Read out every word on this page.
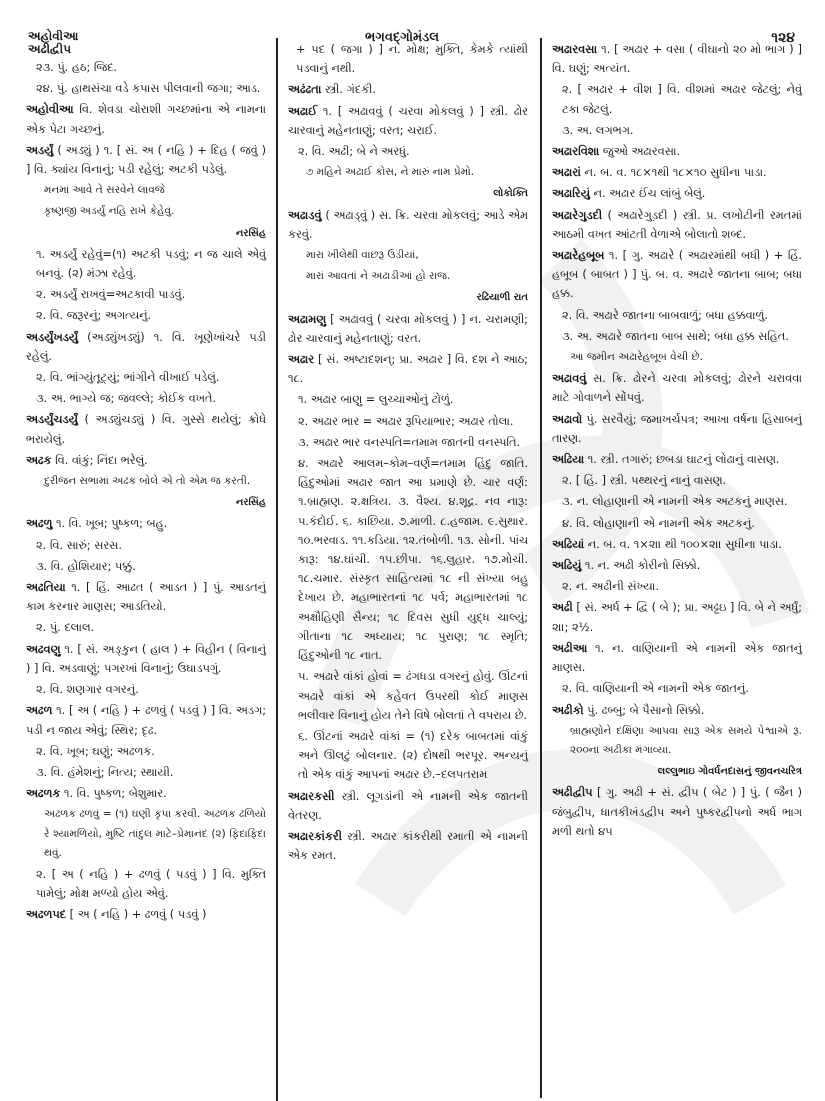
અહોવીઆ
અઢીદ્વીપ
ભગવદ્ગોમંડલ	૧૨૪
૨૩. પું. હઠ; જિદ.
૨૪. પું. હાથસંચા વડે કપાસ પીલવાની જગા; આડ.
અહોવીઆ વિ. શેવડા ચોરાશી ગચ્છમાંના એ નામના એક પેટા ગચ્છનું.
અડર્યું ( અડ્યું ) ૧. [ સં. અ ( નહિ ) + દિહ ( જવું ) ] વિ. ક્યાંય વિનાનું; પડી રહેલું; અટકી પડેલું.
મનમાં આવે તે સરવેને લાવજે
કૃષ્ણજી અડર્યું નહિ રાખે કેહેવું.
નરસિંહ
૧. અડર્યું રહેવું=(૧) અટકી પડવું; ન જ ચાલે એવું બનવું. (૨) મંઝા રહેવું.
૨. અડર્યું રાખવું=અટકાવી પાડવું.
૨. વિ. જરૂરનું; અગત્યનું.
અડર્યુંખડર્યું (અડ્યુંખડ્યું) ૧. વિ. ખૂણેખાંચરે પડી રહેલું.
૨. વિ. ભાંગ્યુંતૂટ્યું; ભાંગીને વીખાઈ પડેલું.
૩. અ. ભાગ્યે જ; જવલ્લે; કોઈક વખતે.
અડર્યુંચડર્યું ( અડ્યુંચડ્યું ) વિ. ગુસ્સે થયેલું; ક્રોધે ભરાયેલું.
અઢક વિ. વાંકું; નિંદા ભરેલું.
દુરીજન સભામાં અઢક બોલે એ તો એમ જ કરતી.
નરસિંહ
અઢળુ ૧. વિ. ખૂબ; પુષ્કળ; બહુ.
૨. વિ. સારું; સરસ.
૩. વિ. હોશિયાર; પક્કું.
અઢતિયા ૧. [ હિં. આઢત ( આડત ) ] પું. આડતનું કામ કરનાર માણસ; આડતિયો.
૨. પું. દલાલ.
અઢવણુ ૧. [ સં. અઙ્કુન ( હાલ ) + વિહીન ( વિનાનું ) ] વિ. અડવાણું; પગરખાં વિનાનું; ઉઘાડપગું.
૨. વિ. શણગાર વગરનું.
અઢળ ૧. [ અ ( નહિ ) + ઢળવું ( પડવું ) ] વિ. અડગ; પડી ન જાય એવું; સ્થિર; દૃઢ.
૨. વિ. ખૂબ; ઘણું; અઢળક.
૩. વિ. હંમેશનું; નિત્ય; સ્થાયી.
અઢળક ૧. વિ. પુષ્કળ; બેશુમાર.
અઢળક ઢળવું = (૧) ઘણી કૃપા કરવી. અઢળક ઢળિયો રે શ્યામળિયો, મુષ્ટિ તાંદુલ માટે–પ્રેમાનંદ (૨) ફિદાફિદા થવું.
૨. [ અ ( નહિ ) + ઢળવું ( પડવું ) ] વિ. મુક્તિ પામેલું; મોક્ષ મળ્યો હોય એવું.
અઢળપદ [ અ ( નહિ ) + ઢળવું ( પડવું )
+ પદ ( જગા ) ] ન. મોક્ષ; મુક્તિ, કેમકે ત્યાંથી પડવાનું નથી.
અઢંઢતા સ્ત્રી. ગંદકી.
અઢાઈ ૧. [ અઢાવવું ( ચરવા મોકલવું ) ] સ્ત્રી. ઢોર ચારવાનું મહેનતાણું; વરત; ચરાઈ.
૨. વિ. અઢી; બે ને અરધું.
૭ મહિને અઢાઈ કોસ, ને મારું નામ પ્રેમો.
લોકોક્તિ
અઢાડવું ( અઢાડ્વું ) સ. ક્રિ. ચરવા મોકલવું; આડે એમ કરવું.
મારા ખીલેથી વાછરૂ ઉડીયાં,
મારાં આવતાં ને અઢાડીઆં હો રાજ.
રઢિયાળી રાત
અઢામણુ [ અઢાવવું ( ચરવા મોકલવું ) ] ન. ચરામણી; ઢોર ચારવાનું મહેનતાણું; વરત.
અઢાર [ સં. અષ્ટાદશન્; પ્રા. અઢાર ] વિ. દશ ને આઠ; ૧૮.
૧. અઢાર બાણુ = લુચ્ચાઓનું ટોળું.
૨. અઢાર ભાર = અઢાર રૂપિયાભાર; અઢાર તોલા.
૩. અઢાર ભાર વનસ્પતિ=તમામ જાતની વનસ્પતિ.
૪. અઢારે આલમ–કોમ–વર્ણ=તમામ હિંદુ જાતિ. હિંદુઓમાં અઢાર જાત આ પ્રમાણે છે. ચાર વર્ણ: ૧.બ્રાહ્મણ. ૨.ક્ષત્રિય. ૩. વૈશ્ય. ૪.શૂદ્ર. નવ નારૂ: ૫.કંદોઈ. ૬. કાછિયા. ૭.માળી. ૮.હજામ. ૯.સુથાર. ૧૦.ભરવાડ. ૧૧.કડિયા. ૧૨.તંબોળી. ૧૩. સોની. પાંચ કારૂ: ૧૪.ઘાંચી. ૧૫.છીપા. ૧૬.લુહાર. ૧૭.મોચી. ૧૮.ચમાર. સંસ્કૃત સાહિત્યમાં ૧૮ ની સંખ્યા બહુ દેખાય છે. મહાભારતનાં ૧૮ પર્વ; મહાભારતમાં ૧૮ અક્ષૌહિણી સૈન્ય; ૧૮ દિવસ સુધી યુદ્ધ ચાલ્યું; ગીતાના ૧૮ અધ્યાય; ૧૮ પુરાણ; ૧૮ સ્મૃતિ; હિંદુઓની ૧૮ નાત.
૫. અઢારે વાંકાં હોવાં = ઢંગધડા વગરનું હોવું. ઊંટનાં અઢારે વાંકાં એ કહેવત ઉપરથી કોઈ માણસ ભલીવાર વિનાનું હોય તેને વિષે બોલતાં તે વપરાય છે.
૬. ઊંટનાં અઢારે વાંકાં = (૧) દરેક બાબતમાં વાંકું અને ઊલટું બોલનાર. (૨) દોષથી ભરપૂર. અન્યનું તો એક વાંકું આપનાં અઢાર છે.–દલપતરામ
અઢારકસી સ્ત્રી. લૂગડાંની એ નામની એક જાતની વેતરણ.
અઢારકાંકરી સ્ત્રી. અઢાર કાંકરીથી રમાતી એ નામની એક રમત.
અઢારવસા ૧. [ અઢાર + વસા ( વીઘાનો ૨૦ મો ભાગ ) ] વિ. ઘણું; અત્યંત.
૨. [ અઢાર + વીશ ] વિ. વીશમાં અઢાર જેટલું; નેવું ટકા જેટલું.
૩. અ. લગભગ.
અઢારવિશા જુઓ અઢારવસા.
અઢારાં ન. બ. વ. ૧૮×૧થી ૧૮×૧૦ સુધીના પાડા.
અઢારિયું ન. અઢાર ઈંચ લાંબું બેલું.
અઢારેગુડદી ( અઢારેગુડ઼દી ) સ્ત્રી. પ્ર. લખોટીની રમતમાં આઠમી વખત આંટતી વેળાએ બોલાતો શબ્દ.
અઢારેહબૂબ ૧. [ ગુ. અઢારે ( અઢારમાંથી બધી ) + હિં. હબૂબ ( બાબત ) ] પું. બ. વ. અઢારે જાતના બાબ; બધા હક્ક.
૨. વિ. અઢારે જાતના બાબવાળું; બધા હક્કવાળું.
૩. અ. અઢારે જાતના બાબ સાથે; બધા હક્ક સહિત.
આ જમીન અઢારેહબૂબ વેચી છે.
અઢાવવું સ. ક્રિ. ઢોરને ચરવા મોકલવું; ઢોરને ચરાવવા માટે ગોવાળને સોંપવું.
અઢાવો પું. સરવૈયું; જમાખર્ચપત્ર; આખા વર્ષના હિસાબનું તારણ.
અઢિયા ૧. સ્ત્રી. તગારું; છબડા ઘાટનું લોઢાનું વાસણ.
૨. [ હિં. ] સ્ત્રી. પથ્થરનું નાનું વાસણ.
૩. ન. લોહાણાની એ નામની એક અટકનું માણસ.
૪. વિ. લોહાણાની એ નામની એક અટકનું.
અઢિયાં ન. બ. વ. ૧×૨॥ થી ૧૦૦×૨॥ સુધીના પાડા.
અઢિયું ૧. ન. અઢી કોરીનો સિક્કો.
૨. ન. અઢીની સંખ્યા.
અઢી [ સં. અર્ધ + દ્વિ ( બે ); પ્રા. અઢ્ઢઇ ] વિ. બે ને અર્ધું; ૨॥; ૨½.
અઢીઆ ૧. ન. વાણિયાની એ નામની એક જાતનું માણસ.
૨. વિ. વાણિયાની એ નામની એક જાતનું.
અઢીકો પું. ઢબ્બુ; બે પૈસાનો સિક્કો.
બ્રાહ્મણોને દક્ષિણા આપવા સારૂ એક સમયે પેશ્વાએ રૂ. ૨૦૦ના અઢીકા મંગાવ્યા.
લલ્લુભાઇ ગોવર્ધનદાસનું જીવનચરિત્ર
અઢીદ્વીપ [ ગુ. અઢી + સં. દ્વીપ ( બેટ ) ] પું. ( જૈન ) જંબુદ્વીપ, ધાતકીખંડદ્વીપ અને પુષ્કરદ્વીપનો અર્ધ ભાગ મળી થતો ૪૫
